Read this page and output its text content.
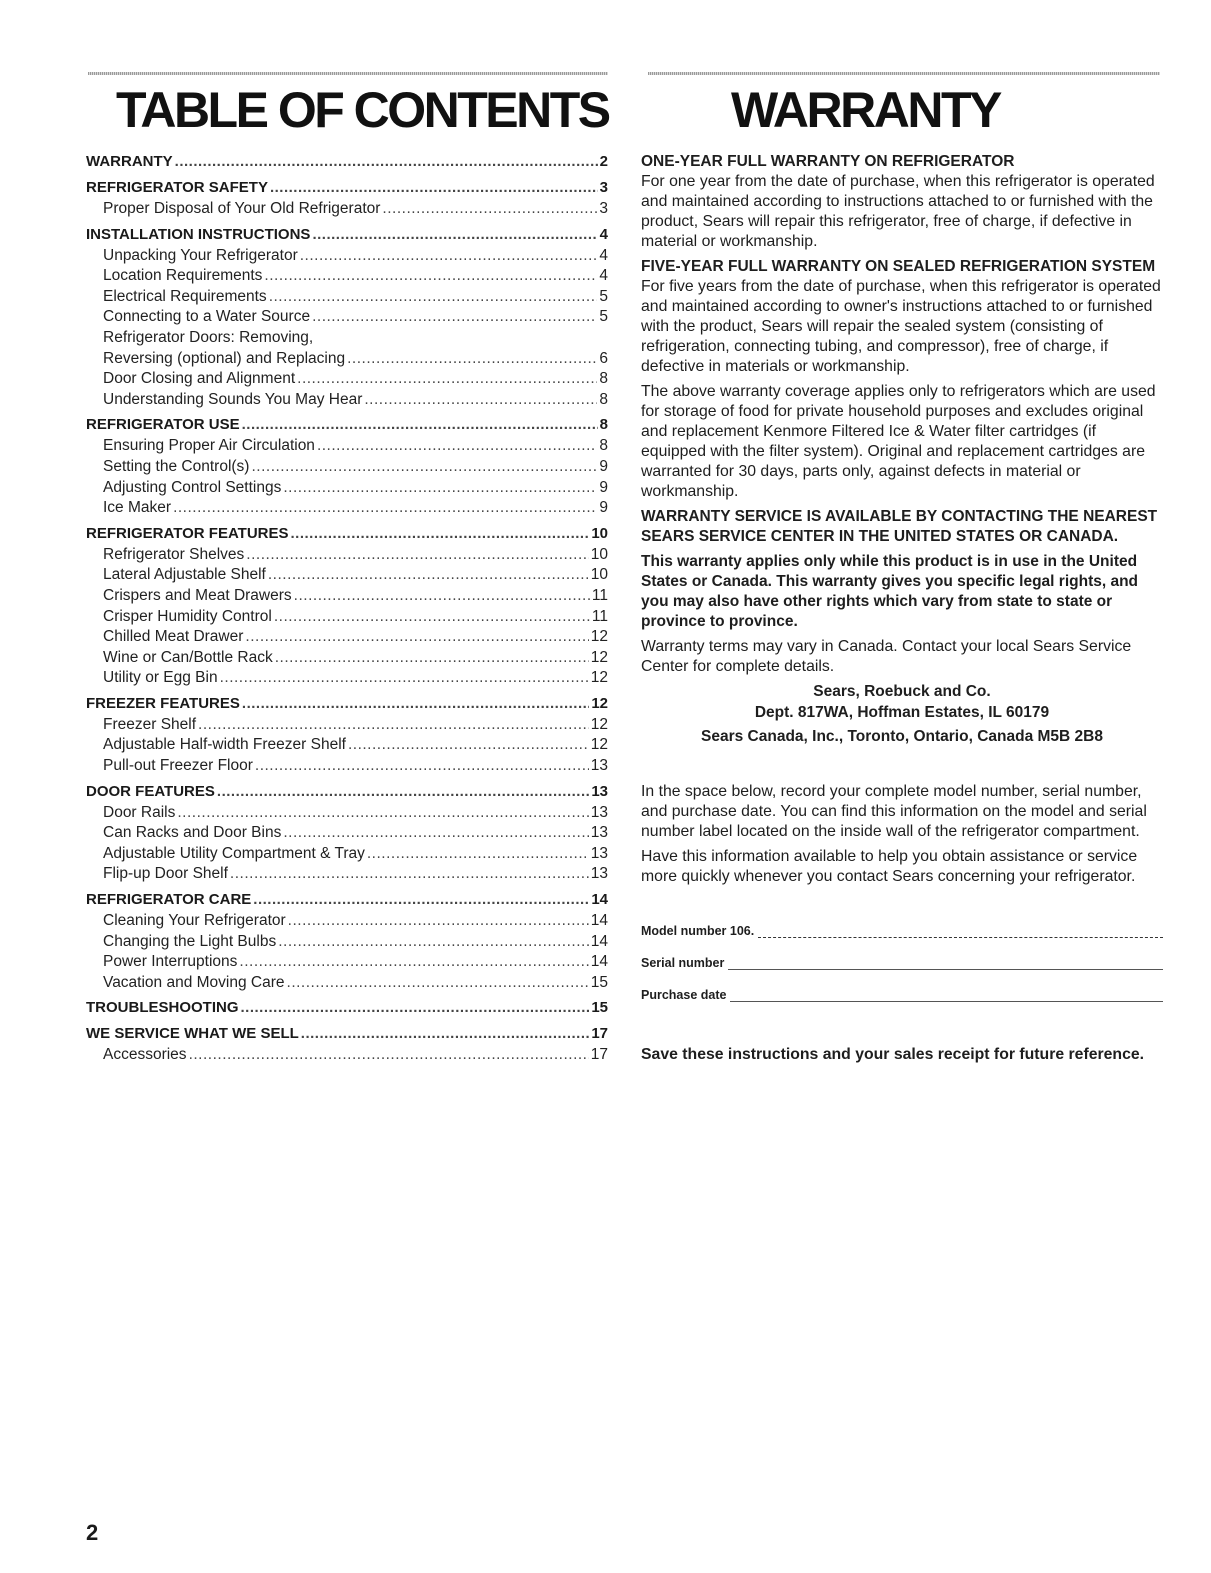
TABLE OF CONTENTS WARRANTY
WARRANTY .....	2
REFRIGERATOR SAFETY .....	3
Proper Disposal of Your Old Refrigerator .....	3
INSTALLATION INSTRUCTIONS .....	4
Unpacking Your Refrigerator .....	4
Location Requirements .....	4
Electrical Requirements .....	5
Connecting to a Water Source .....	5
Refrigerator Doors: Removing,
Reversing (optional) and Replacing .....	6
Door Closing and Alignment .....	8
Understanding Sounds You May Hear .....	8
REFRIGERATOR USE .....	8
Ensuring Proper Air Circulation .....	8
Setting the Control(s) .....	9
Adjusting Control Settings .....	9
Ice Maker .....	9
REFRIGERATOR FEATURES .....	10
Refrigerator Shelves .....	10
Lateral Adjustable Shelf .....	10
Crispers and Meat Drawers .....	11
Crisper Humidity Control .....	11
Chilled Meat Drawer .....	12
Wine or Can/Bottle Rack .....	12
Utility or Egg Bin .....	12
FREEZER FEATURES .....	12
Freezer Shelf .....	12
Adjustable Half-width Freezer Shelf .....	12
Pull-out Freezer Floor .....	13
DOOR FEATURES .....	13
Door Rails .....	13
Can Racks and Door Bins .....	13
Adjustable Utility Compartment & Tray .....	13
Flip-up Door Shelf .....	13
REFRIGERATOR CARE .....	14
Cleaning Your Refrigerator .....	14
Changing the Light Bulbs .....	14
Power Interruptions .....	14
Vacation and Moving Care .....	15
TROUBLESHOOTING .....	15
WE SERVICE WHAT WE SELL .....	17
Accessories .....	17

ONE-YEAR FULL WARRANTY ON REFRIGERATOR

For one year from the date of purchase, when this refrigerator is operated and maintained according to instructions attached to or furnished with the product, Sears will repair this refrigerator, free of charge, if defective in material or workmanship.

FIVE-YEAR FULL WARRANTY ON SEALED REFRIGERATION SYSTEM

For five years from the date of purchase, when this refrigerator is operated and maintained according to owner's instructions attached to or furnished with the product, Sears will repair the sealed system (consisting of refrigeration, connecting tubing, and compressor), free of charge, if defective in materials or workmanship.

The above warranty coverage applies only to refrigerators which are used for storage of food for private household purposes and excludes original and replacement Kenmore Filtered Ice & Water filter cartridges (if equipped with the filter system). Original and replacement cartridges are warranted for 30 days, parts only, against defects in material or workmanship.

WARRANTY SERVICE IS AVAILABLE BY CONTACTING THE NEAREST SEARS SERVICE CENTER IN THE UNITED STATES OR CANADA.

This warranty applies only while this product is in use in the United States or Canada. This warranty gives you specific legal rights, and you may also have other rights which vary from state to state or province to province.

Warranty terms may vary in Canada. Contact your local Sears Service Center for complete details.

Sears, Roebuck and Co.

Dept. 817WA, Hoffman Estates, IL 60179

Sears Canada, Inc., Toronto, Ontario, Canada M5B 2B8

In the space below, record your complete model number, serial number, and purchase date. You can find this information on the model and serial number label located on the inside wall of the refrigerator compartment.

Have this information available to help you obtain assistance or service more quickly whenever you contact Sears concerning your refrigerator.

Model number 106.
Serial number
Purchase date

Save these instructions and your sales receipt for future reference.

2
